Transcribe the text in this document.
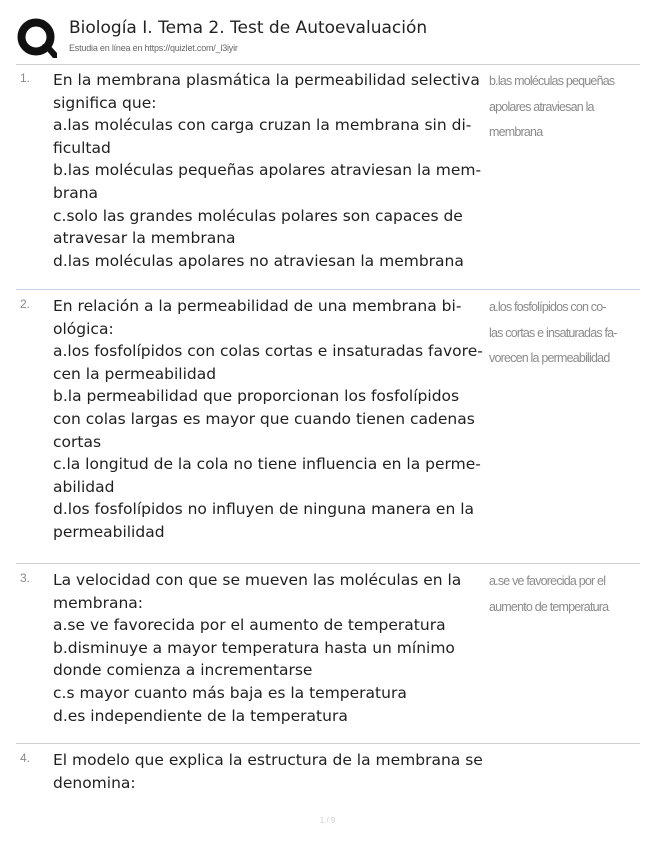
Biología I. Tema 2. Test de Autoevaluación
Estudia en línea en https://quizlet.com/_l3iyir
1. En la membrana plasmática la permeabilidad selectiva
significa que:
a.las moléculas con carga cruzan la membrana sin di-
ficultad
b.las moléculas pequeñas apolares atraviesan la mem-
brana
c.solo las grandes moléculas polares son capaces de
atravesar la membrana
d.las moléculas apolares no atraviesan la membrana
b.las moléculas pequeñas
apolares atraviesan la
membrana
2. En relación a la permeabilidad de una membrana bi-
ológica:
a.los fosfolípidos con colas cortas e insaturadas favore-
cen la permeabilidad
b.la permeabilidad que proporcionan los fosfolípidos
con colas largas es mayor que cuando tienen cadenas
cortas
c.la longitud de la cola no tiene influencia en la perme-
abilidad
d.los fosfolípidos no influyen de ninguna manera en la
permeabilidad
a.los fosfolípidos con co-
las cortas e insaturadas fa-
vorecen la permeabilidad
3. La velocidad con que se mueven las moléculas en la
membrana:
a.se ve favorecida por el aumento de temperatura
b.disminuye a mayor temperatura hasta un mínimo
donde comienza a incrementarse
c.s mayor cuanto más baja es la temperatura
d.es independiente de la temperatura
a.se ve favorecida por el
aumento de temperatura
4. El modelo que explica la estructura de la membrana se
denomina:
1 / 9
